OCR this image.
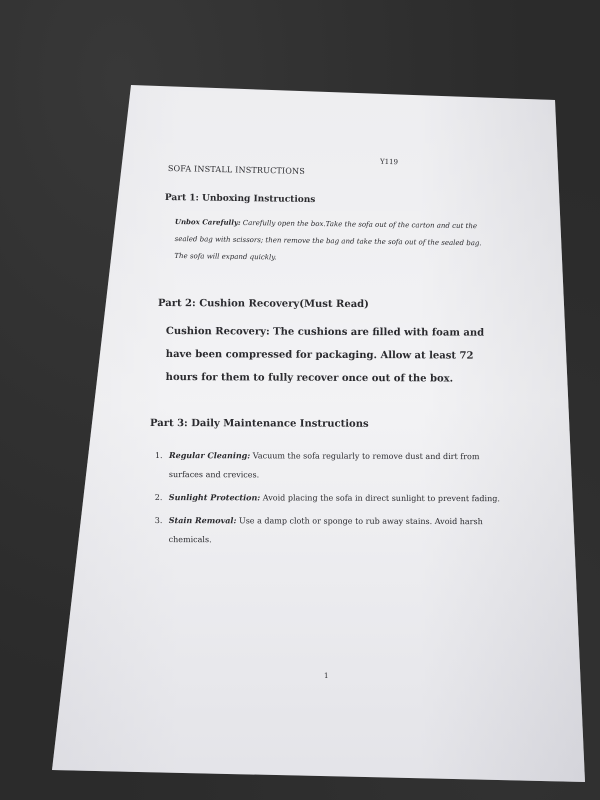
SOFA INSTALL INSTRUCTIONS
Y119
Part 1: Unboxing Instructions
Unbox Carefully: Carefully open the box.Take the sofa out of the carton and cut the sealed bag with scissors; then remove the bag and take the sofa out of the sealed bag. The sofa will expand quickly.
Part 2: Cushion Recovery(Must Read)
Cushion Recovery: The cushions are filled with foam and have been compressed for packaging. Allow at least 72 hours for them to fully recover once out of the box.
Part 3: Daily Maintenance Instructions
1. Regular Cleaning: Vacuum the sofa regularly to remove dust and dirt from surfaces and crevices.
2. Sunlight Protection: Avoid placing the sofa in direct sunlight to prevent fading.
3. Stain Removal: Use a damp cloth or sponge to rub away stains. Avoid harsh chemicals.
1
